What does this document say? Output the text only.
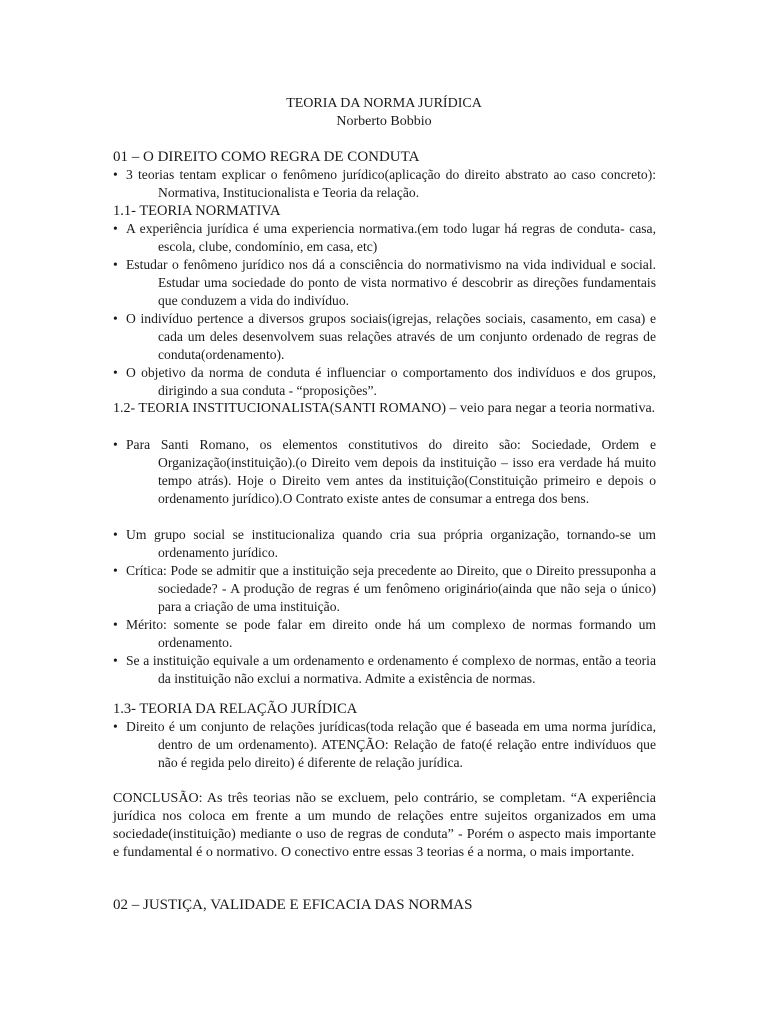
TEORIA DA NORMA JURÍDICA
Norberto Bobbio
01 – O DIREITO COMO REGRA DE CONDUTA
• 3 teorias tentam explicar o fenômeno jurídico(aplicação do direito abstrato ao caso concreto): Normativa, Institucionalista e Teoria da relação.
1.1- TEORIA NORMATIVA
• A experiência jurídica é uma experiencia normativa.(em todo lugar há regras de conduta- casa, escola, clube, condomínio, em casa, etc)
• Estudar o fenômeno jurídico nos dá a consciência do normativismo na vida individual e social. Estudar uma sociedade do ponto de vista normativo é descobrir as direções fundamentais que conduzem a vida do indivíduo.
• O indivíduo pertence a diversos grupos sociais(igrejas, relações sociais, casamento, em casa) e cada um deles desenvolvem suas relações através de um conjunto ordenado de regras de conduta(ordenamento).
• O objetivo da norma de conduta é influenciar o comportamento dos indivíduos e dos grupos, dirigindo a sua conduta - “proposições”.
1.2- TEORIA INSTITUCIONALISTA(SANTI ROMANO) – veio para negar a teoria normativa.
• Para Santi Romano, os elementos constitutivos do direito são: Sociedade, Ordem e Organização(instituição).(o Direito vem depois da instituição – isso era verdade há muito tempo atrás). Hoje o Direito vem antes da instituição(Constituição primeiro e depois o ordenamento jurídico).O Contrato existe antes de consumar a entrega dos bens.
• Um grupo social se institucionaliza quando cria sua própria organização, tornando-se um ordenamento jurídico.
• Crítica: Pode se admitir que a instituição seja precedente ao Direito, que o Direito pressuponha a sociedade? - A produção de regras é um fenômeno originário(ainda que não seja o único) para a criação de uma instituição.
• Mérito: somente se pode falar em direito onde há um complexo de normas formando um ordenamento.
• Se a instituição equivale a um ordenamento e ordenamento é complexo de normas, então a teoria da instituição não exclui a normativa. Admite a existência de normas.
1.3- TEORIA DA RELAÇÃO JURÍDICA
• Direito é um conjunto de relações jurídicas(toda relação que é baseada em uma norma jurídica, dentro de um ordenamento). ATENÇÃO: Relação de fato(é relação entre indivíduos que não é regida pelo direito) é diferente de relação jurídica.
CONCLUSÃO: As três teorias não se excluem, pelo contrário, se completam. “A experiência jurídica nos coloca em frente a um mundo de relações entre sujeitos organizados em uma sociedade(instituição) mediante o uso de regras de conduta” - Porém o aspecto mais importante e fundamental é o normativo. O conectivo entre essas 3 teorias é a norma, o mais importante.
02 – JUSTIÇA, VALIDADE E EFICACIA DAS NORMAS
